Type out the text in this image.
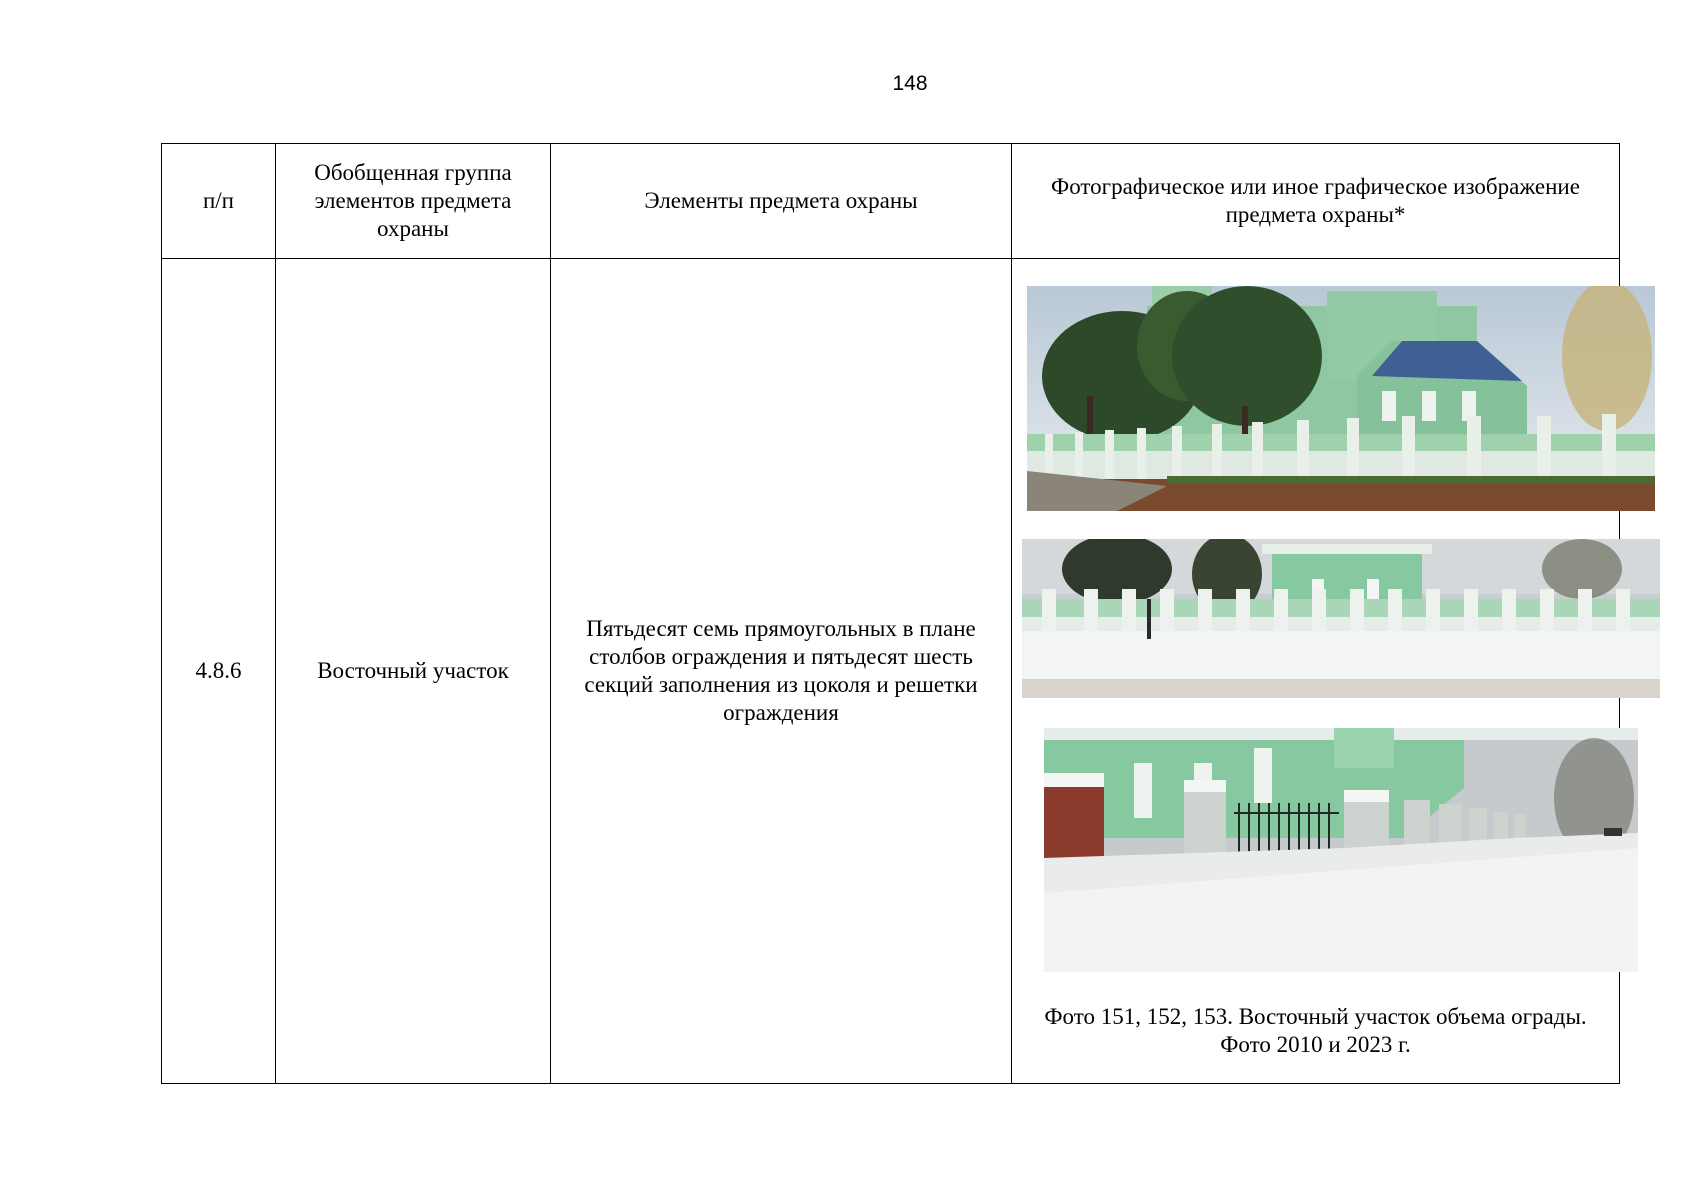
148
п/п	Обобщенная группа элементов предмета охраны	Элементы предмета охраны	Фотографическое или иное графическое изображение предмета охраны*
4.8.6	Восточный участок	Пятьдесят семь прямоугольных в плане столбов ограждения и пятьдесят шесть секций заполнения из цоколя и решетки ограждения	Фото 151, 152, 153. Восточный участок объема ограды.
Фото 2010 и 2023 г.
